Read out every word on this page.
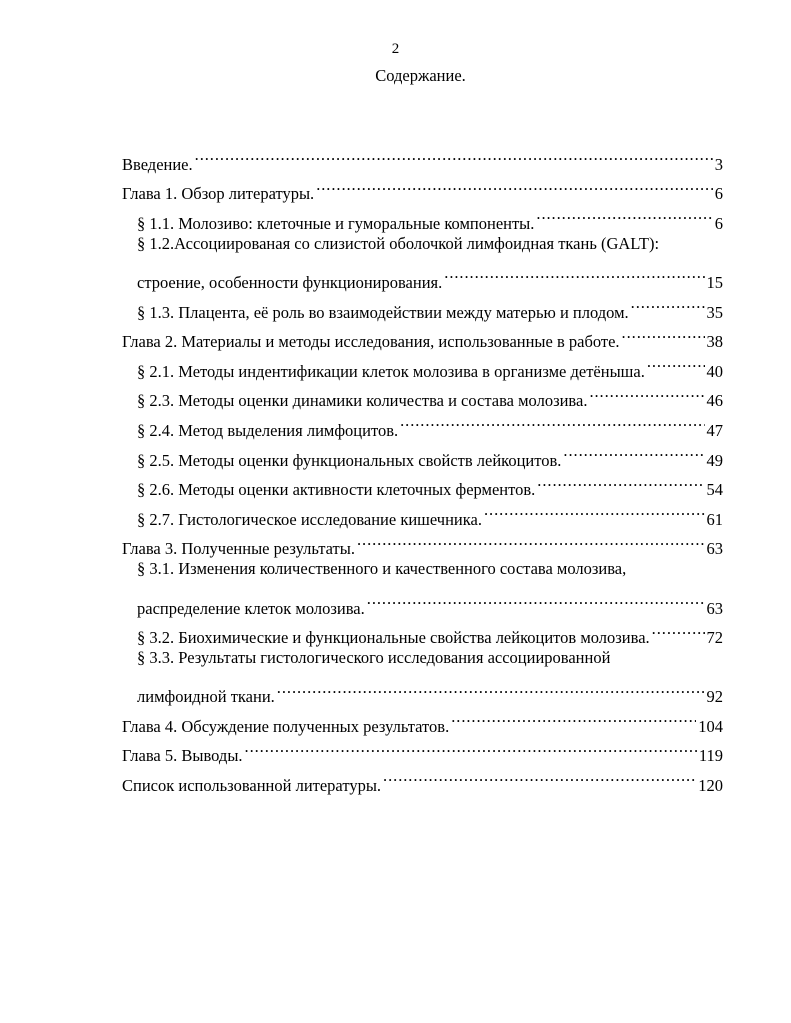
2
Содержание.
Введение. . . .	3
Глава 1. Обзор литературы. . . .	6
§ 1.1. Молозиво: клеточные и гуморальные компоненты. . . .	6
§ 1.2.Ассоциированая со слизистой оболочкой лимфоидная ткань (GALT):
строение, особенности функционирования. . . .	15
§ 1.3. Плацента, её роль во взаимодействии между матерью и плодом. . . .	35
Глава 2. Материалы и методы исследования, использованные в работе. . . .	38
§ 2.1. Методы индентификации клеток молозива в организме детёныша. . . .	40
§ 2.3. Методы оценки динамики количества и состава молозива. . . .	46
§ 2.4. Метод выделения лимфоцитов. . . .	47
§ 2.5. Методы оценки функциональных свойств лейкоцитов. . . .	49
§ 2.6. Методы оценки активности клеточных ферментов. . . .	54
§ 2.7. Гистологическое исследование кишечника. . . .	61
Глава 3. Полученные результаты. . . .	63
§ 3.1. Изменения количественного и качественного состава молозива,
распределение клеток молозива. . . .	63
§ 3.2. Биохимические и функциональные свойства лейкоцитов молозива. . . .	72
§ 3.3. Результаты гистологического исследования ассоциированной
лимфоидной ткани. . . .	92
Глава 4. Обсуждение полученных результатов. . . .	104
Глава 5. Выводы. . . .	119
Список использованной литературы. . . .	120
